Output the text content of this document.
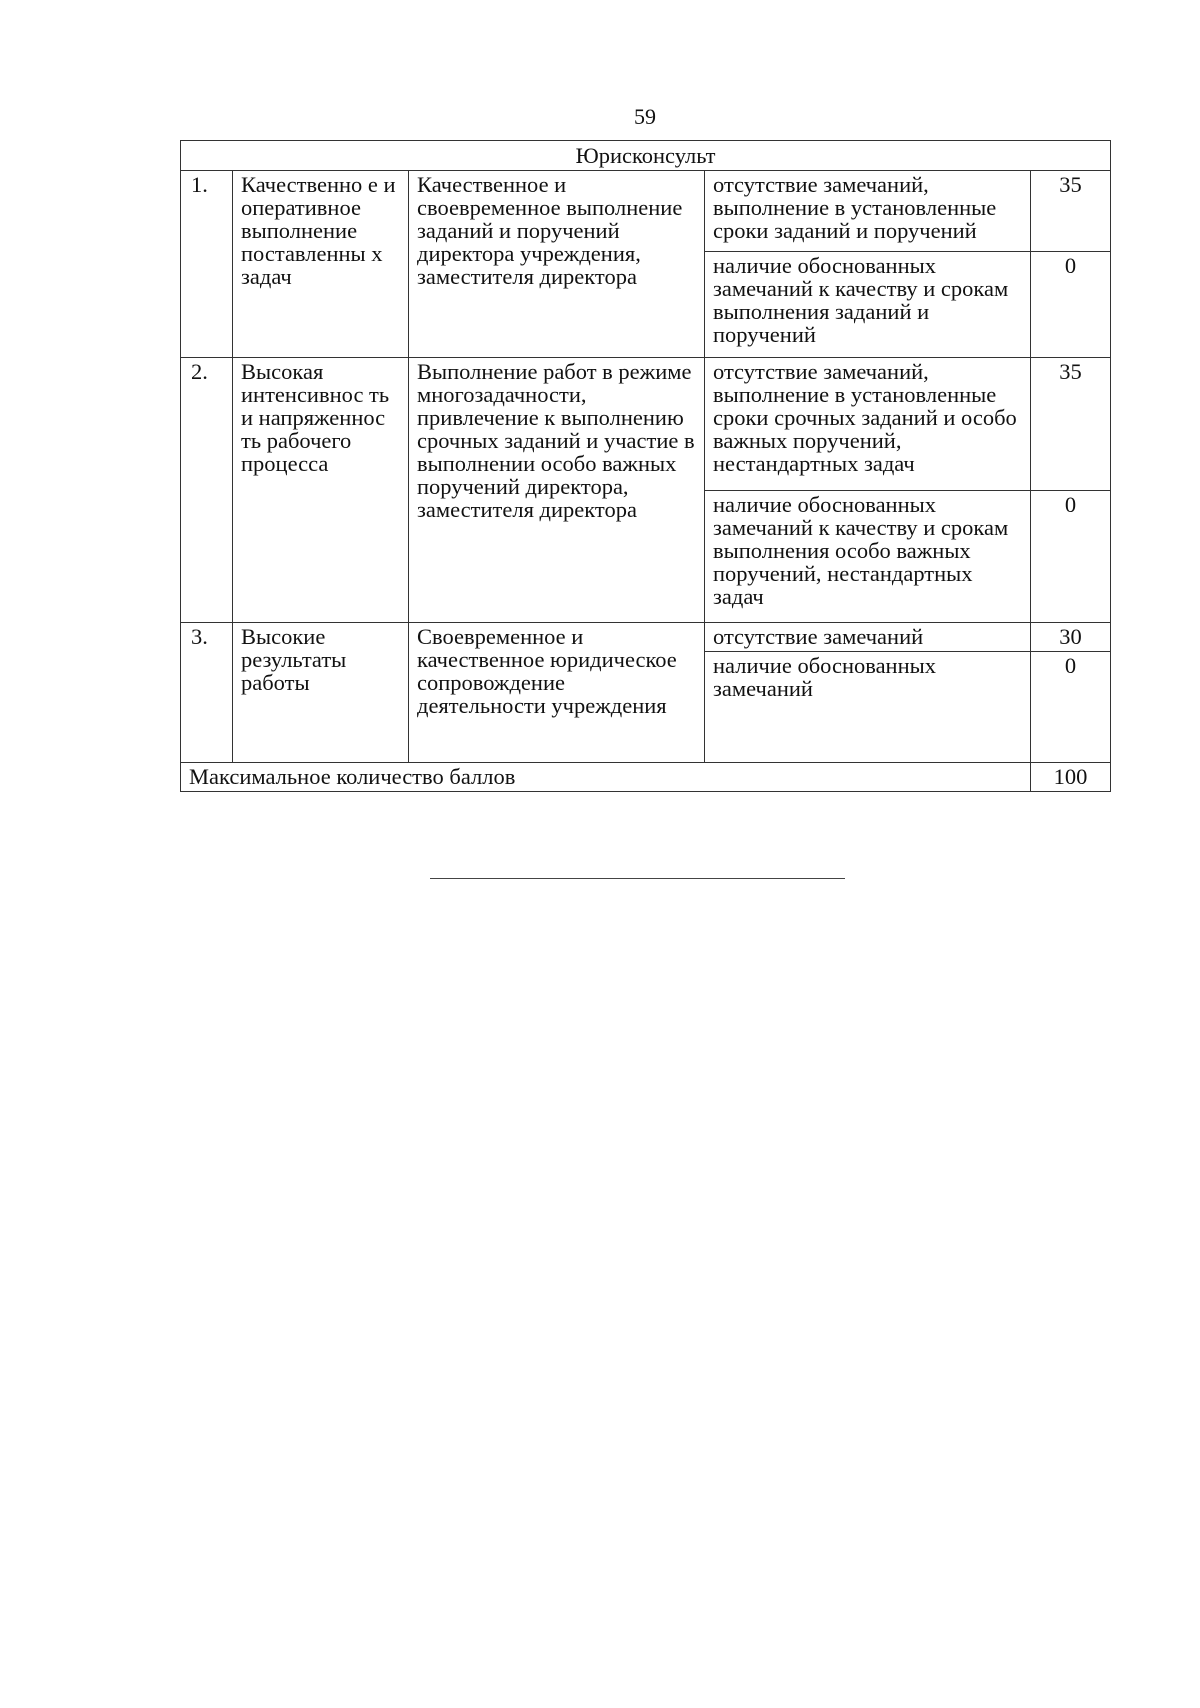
59
Юрисконсульт				
1.	Качественно е и оперативное выполнение поставленны х задач	Качественное и своевременное выполнение заданий и поручений директора учреждения, заместителя директора	отсутствие замечаний, выполнение в установленные сроки заданий и поручений	35
			наличие обоснованных замечаний к качеству и срокам выполнения заданий и поручений	0
2.	Высокая интенсивнос ть и напряженнос ть рабочего процесса	Выполнение работ в режиме многозадачности, привлечение к выполнению срочных заданий и участие в выполнении особо важных поручений директора, заместителя директора	отсутствие замечаний, выполнение в установленные сроки срочных заданий и особо важных поручений, нестандартных задач	35
			наличие обоснованных замечаний к качеству и срокам выполнения особо важных поручений, нестандартных задач	0
3.	Высокие результаты работы	Своевременное и качественное юридическое сопровождение деятельности учреждения	отсутствие замечаний	30
			наличие обоснованных замечаний	0
Максимальное количество баллов				100
